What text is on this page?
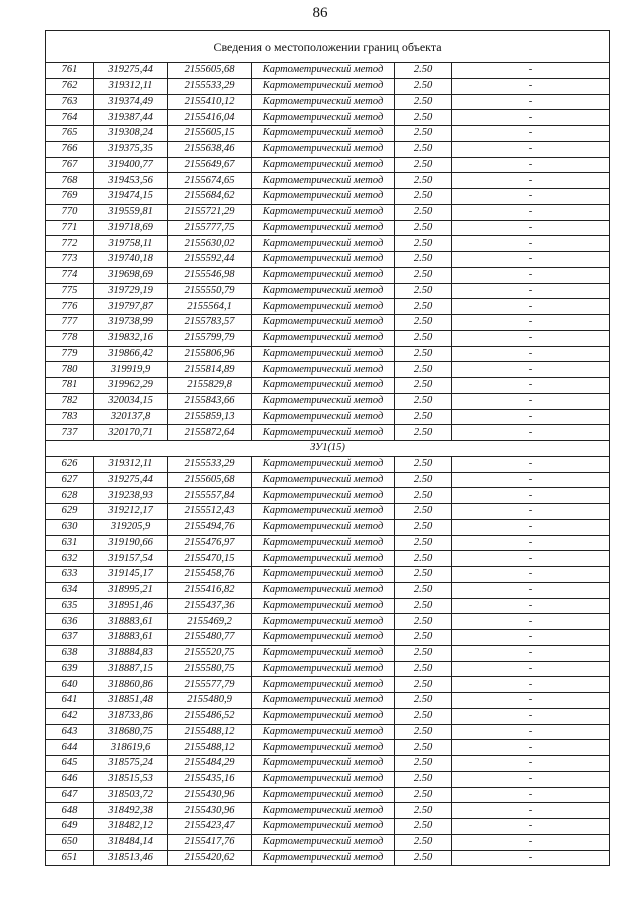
86
Сведения о местоположении границ объекта					
761	319275,44	2155605,68	Картометрический метод	2.50	-
762	319312,11	2155533,29	Картометрический метод	2.50	-
763	319374,49	2155410,12	Картометрический метод	2.50	-
764	319387,44	2155416,04	Картометрический метод	2.50	-
765	319308,24	2155605,15	Картометрический метод	2.50	-
766	319375,35	2155638,46	Картометрический метод	2.50	-
767	319400,77	2155649,67	Картометрический метод	2.50	-
768	319453,56	2155674,65	Картометрический метод	2.50	-
769	319474,15	2155684,62	Картометрический метод	2.50	-
770	319559,81	2155721,29	Картометрический метод	2.50	-
771	319718,69	2155777,75	Картометрический метод	2.50	-
772	319758,11	2155630,02	Картометрический метод	2.50	-
773	319740,18	2155592,44	Картометрический метод	2.50	-
774	319698,69	2155546,98	Картометрический метод	2.50	-
775	319729,19	2155550,79	Картометрический метод	2.50	-
776	319797,87	2155564,1	Картометрический метод	2.50	-
777	319738,99	2155783,57	Картометрический метод	2.50	-
778	319832,16	2155799,79	Картометрический метод	2.50	-
779	319866,42	2155806,96	Картометрический метод	2.50	-
780	319919,9	2155814,89	Картометрический метод	2.50	-
781	319962,29	2155829,8	Картометрический метод	2.50	-
782	320034,15	2155843,66	Картометрический метод	2.50	-
783	320137,8	2155859,13	Картометрический метод	2.50	-
737	320170,71	2155872,64	Картометрический метод	2.50	-
ЗУ1(15)					
626	319312,11	2155533,29	Картометрический метод	2.50	-
627	319275,44	2155605,68	Картометрический метод	2.50	-
628	319238,93	2155557,84	Картометрический метод	2.50	-
629	319212,17	2155512,43	Картометрический метод	2.50	-
630	319205,9	2155494,76	Картометрический метод	2.50	-
631	319190,66	2155476,97	Картометрический метод	2.50	-
632	319157,54	2155470,15	Картометрический метод	2.50	-
633	319145,17	2155458,76	Картометрический метод	2.50	-
634	318995,21	2155416,82	Картометрический метод	2.50	-
635	318951,46	2155437,36	Картометрический метод	2.50	-
636	318883,61	2155469,2	Картометрический метод	2.50	-
637	318883,61	2155480,77	Картометрический метод	2.50	-
638	318884,83	2155520,75	Картометрический метод	2.50	-
639	318887,15	2155580,75	Картометрический метод	2.50	-
640	318860,86	2155577,79	Картометрический метод	2.50	-
641	318851,48	2155480,9	Картометрический метод	2.50	-
642	318733,86	2155486,52	Картометрический метод	2.50	-
643	318680,75	2155488,12	Картометрический метод	2.50	-
644	318619,6	2155488,12	Картометрический метод	2.50	-
645	318575,24	2155484,29	Картометрический метод	2.50	-
646	318515,53	2155435,16	Картометрический метод	2.50	-
647	318503,72	2155430,96	Картометрический метод	2.50	-
648	318492,38	2155430,96	Картометрический метод	2.50	-
649	318482,12	2155423,47	Картометрический метод	2.50	-
650	318484,14	2155417,76	Картометрический метод	2.50	-
651	318513,46	2155420,62	Картометрический метод	2.50	-
